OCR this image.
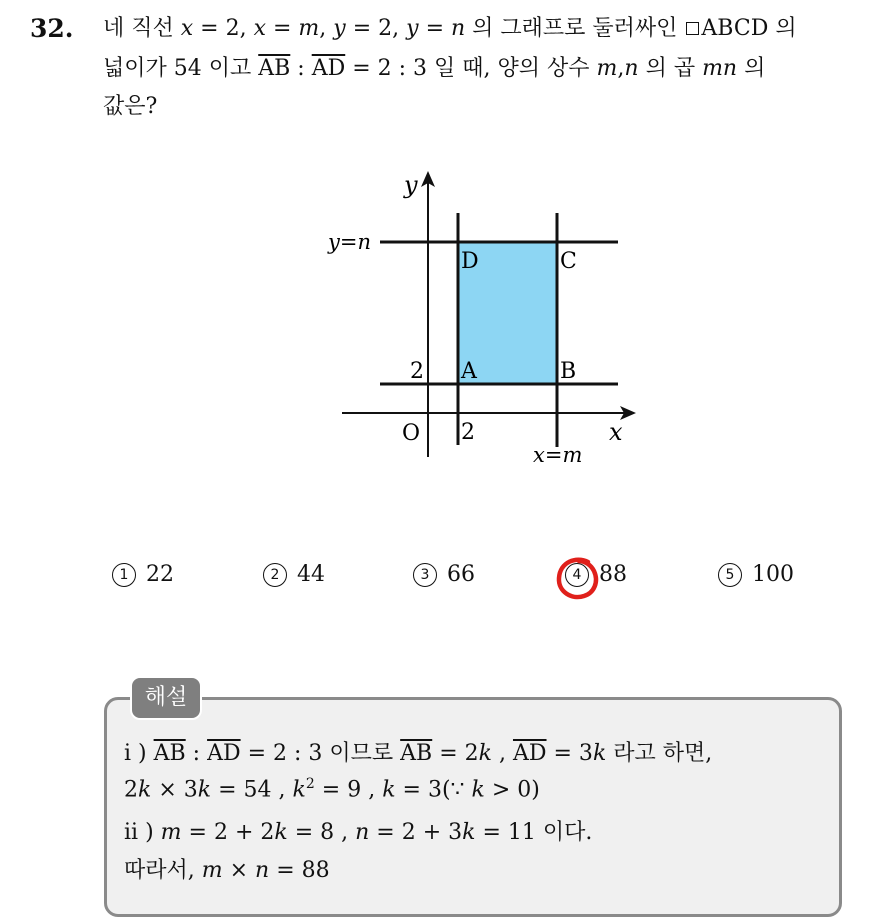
32. 네 직선 x = 2, x = m, y = 2, y = n 의 그래프로 둘러싸인 ABCD 의
넓이가 54 이고 $\overline{AB}$ : $\overline{AD} = 2$ : 3 일 때, 양의 상수 m,n 의 곱 mn 의
값은?
y
x
O
y=n
x=m
2
2
A	B
C
D
1 22	2 44	3 66	4 88	5 100
해설
i ) $\overline{AB}$ : $\overline{AD} = 2$ : 3 이므로 $\overline{AB} = 2k$ , $\overline{AD} = 3k$ 라고 하면,
2k × 3k = 54 , $k^2 = 9$ , k = 3(∵ k > 0)
ii ) m = 2 + 2k = 8 , n = 2 + 3k = 11 이다.
따라서, m × n = 88
